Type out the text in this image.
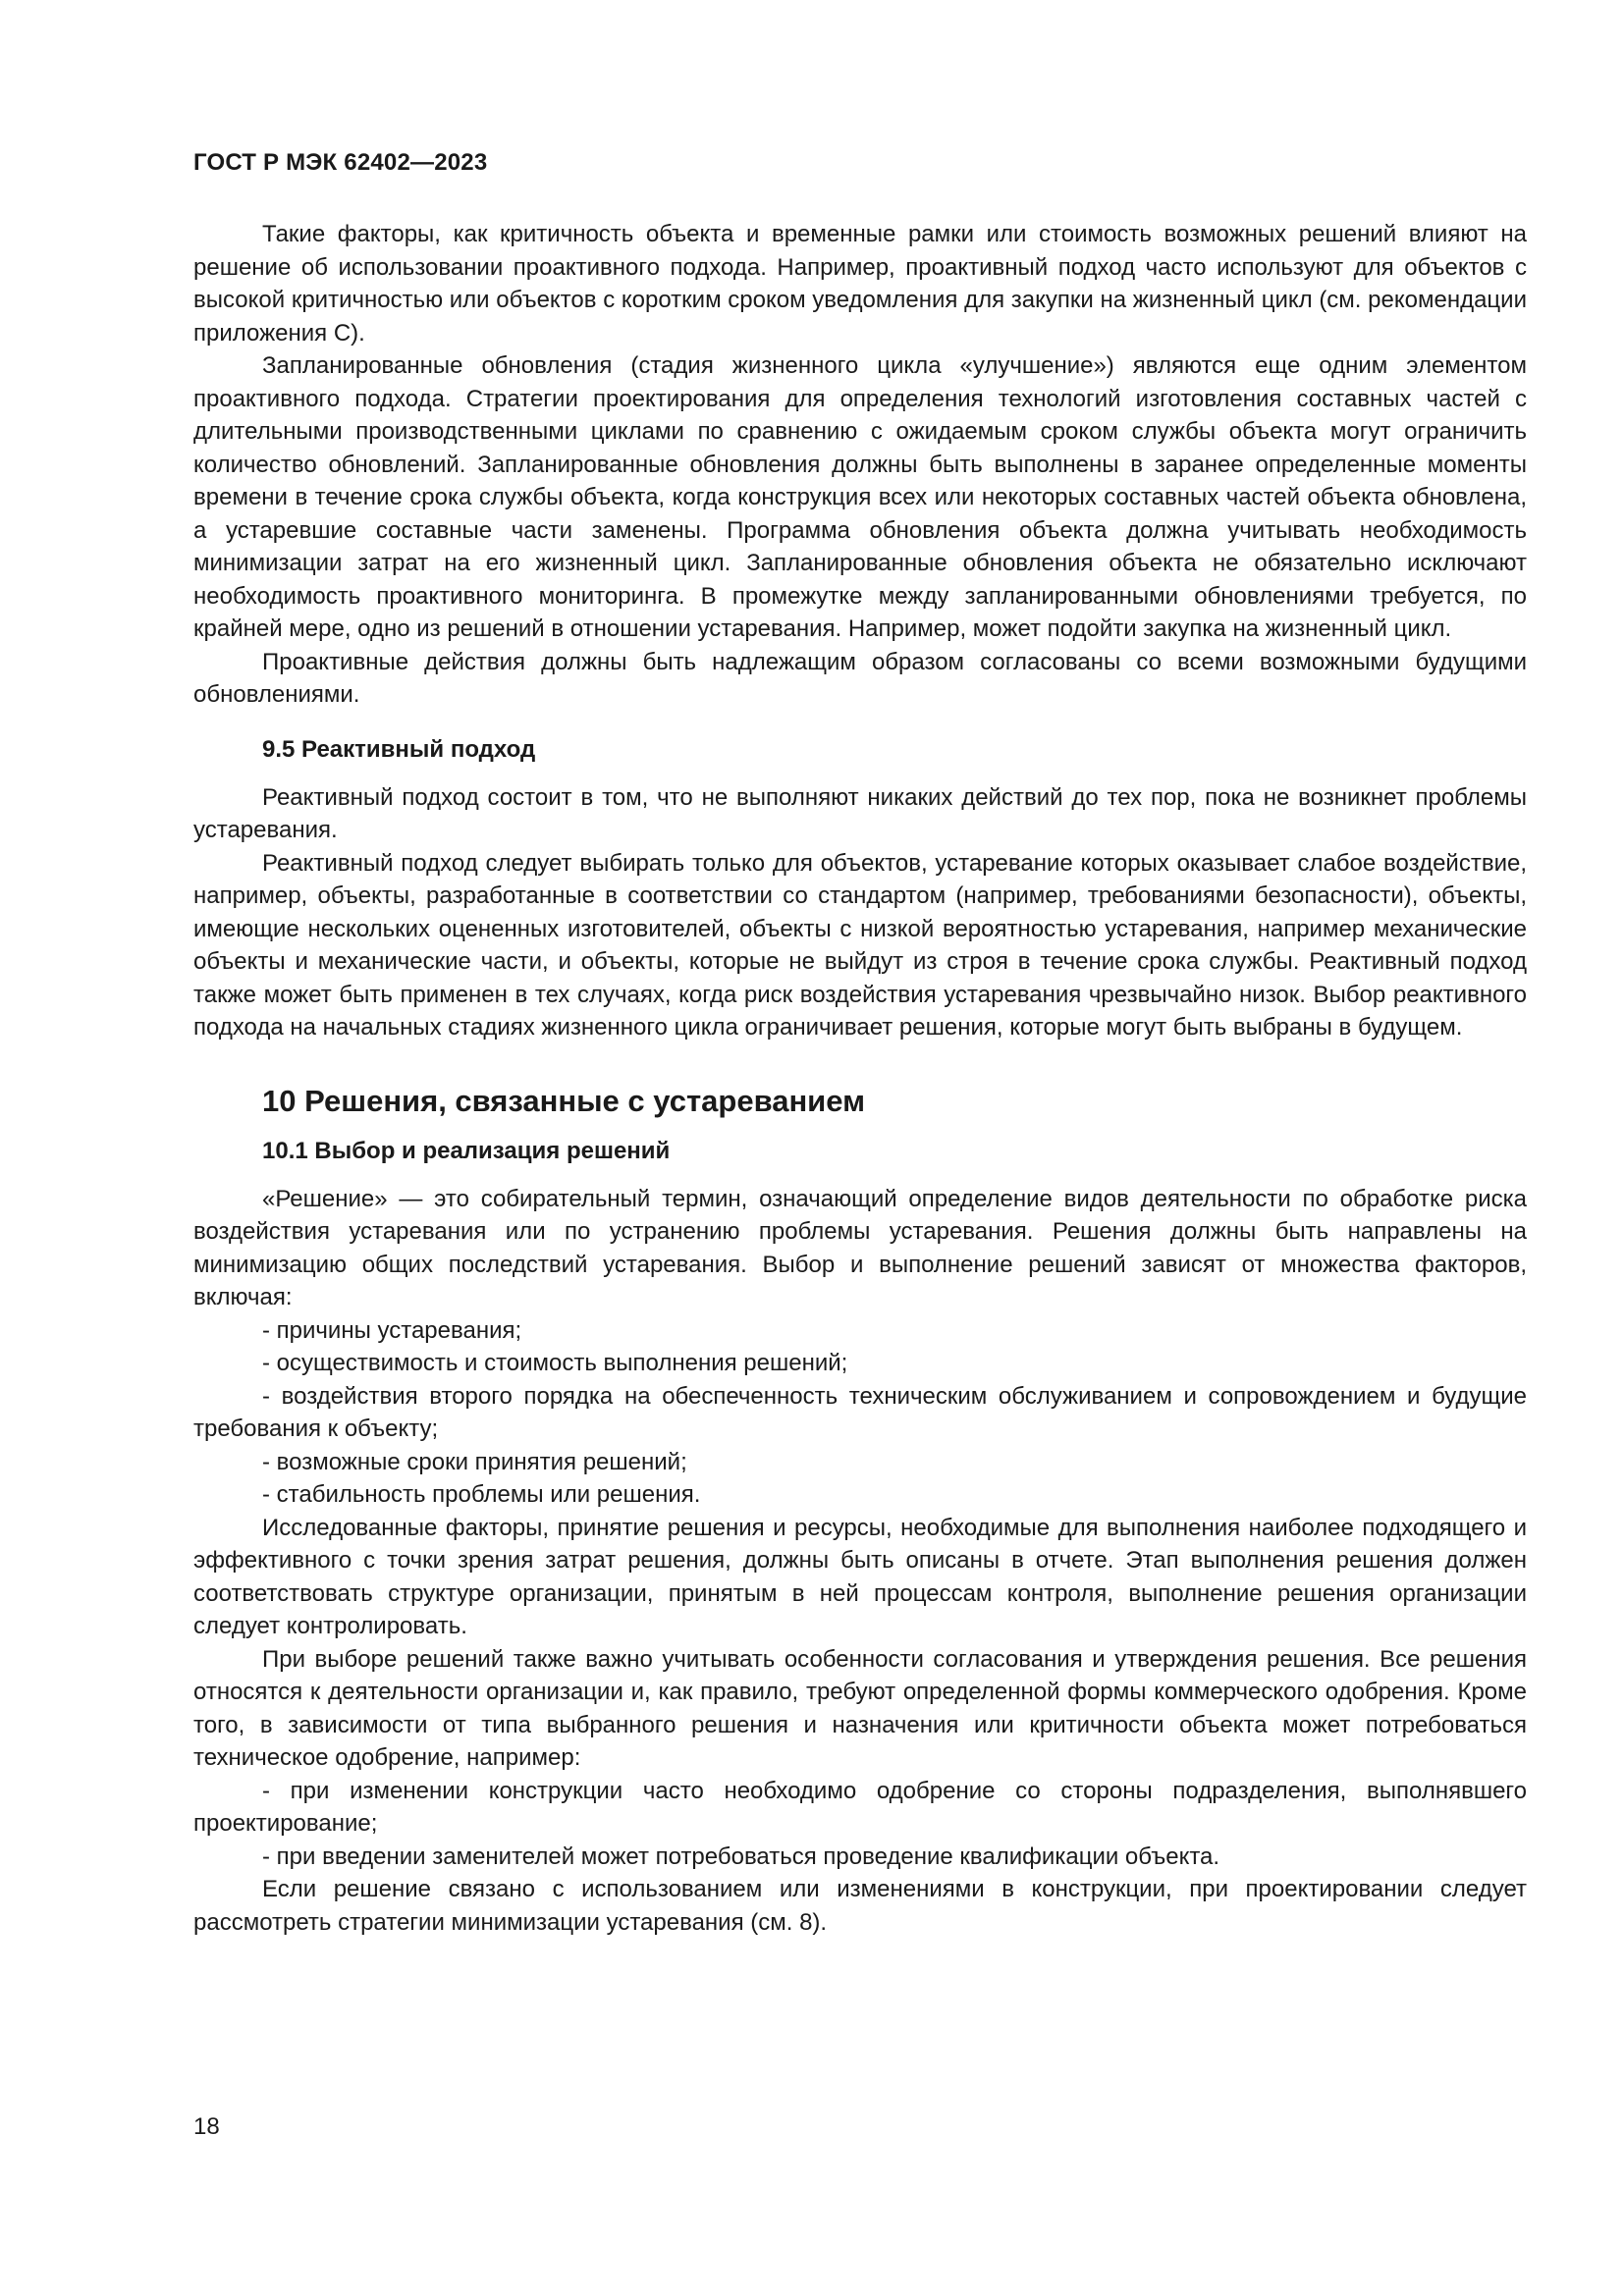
ГОСТ Р МЭК 62402—2023

Такие факторы, как критичность объекта и временные рамки или стоимость возможных решений влияют на решение об использовании проактивного подхода. Например, проактивный подход часто используют для объектов с высокой критичностью или объектов с коротким сроком уведомления для закупки на жизненный цикл (см. рекомендации приложения С).

Запланированные обновления (стадия жизненного цикла «улучшение») являются еще одним элементом проактивного подхода. Стратегии проектирования для определения технологий изготовления составных частей с длительными производственными циклами по сравнению с ожидаемым сроком службы объекта могут ограничить количество обновлений. Запланированные обновления должны быть выполнены в заранее определенные моменты времени в течение срока службы объекта, когда конструкция всех или некоторых составных частей объекта обновлена, а устаревшие составные части заменены. Программа обновления объекта должна учитывать необходимость минимизации затрат на его жизненный цикл. Запланированные обновления объекта не обязательно исключают необходимость проактивного мониторинга. В промежутке между запланированными обновлениями требуется, по крайней мере, одно из решений в отношении устаревания. Например, может подойти закупка на жизненный цикл.

Проактивные действия должны быть надлежащим образом согласованы со всеми возможными будущими обновлениями.

9.5 Реактивный подход

Реактивный подход состоит в том, что не выполняют никаких действий до тех пор, пока не возникнет проблемы устаревания.

Реактивный подход следует выбирать только для объектов, устаревание которых оказывает слабое воздействие, например, объекты, разработанные в соответствии со стандартом (например, требованиями безопасности), объекты, имеющие нескольких оцененных изготовителей, объекты с низкой вероятностью устаревания, например механические объекты и механические части, и объекты, которые не выйдут из строя в течение срока службы. Реактивный подход также может быть применен в тех случаях, когда риск воздействия устаревания чрезвычайно низок. Выбор реактивного подхода на начальных стадиях жизненного цикла ограничивает решения, которые могут быть выбраны в будущем.

10 Решения, связанные с устареванием
10.1 Выбор и реализация решений

«Решение» — это собирательный термин, означающий определение видов деятельности по обработке риска воздействия устаревания или по устранению проблемы устаревания. Решения должны быть направлены на минимизацию общих последствий устаревания. Выбор и выполнение решений зависят от множества факторов, включая:

- причины устаревания;

- осуществимость и стоимость выполнения решений;

- воздействия второго порядка на обеспеченность техническим обслуживанием и сопровождением и будущие требования к объекту;

- возможные сроки принятия решений;

- стабильность проблемы или решения.

Исследованные факторы, принятие решения и ресурсы, необходимые для выполнения наиболее подходящего и эффективного с точки зрения затрат решения, должны быть описаны в отчете. Этап выполнения решения должен соответствовать структуре организации, принятым в ней процессам контроля, выполнение решения организации следует контролировать.

При выборе решений также важно учитывать особенности согласования и утверждения решения. Все решения относятся к деятельности организации и, как правило, требуют определенной формы коммерческого одобрения. Кроме того, в зависимости от типа выбранного решения и назначения или критичности объекта может потребоваться техническое одобрение, например:

- при изменении конструкции часто необходимо одобрение со стороны подразделения, выполнявшего проектирование;

- при введении заменителей может потребоваться проведение квалификации объекта.

Если решение связано с использованием или изменениями в конструкции, при проектировании следует рассмотреть стратегии минимизации устаревания (см. 8).

18
